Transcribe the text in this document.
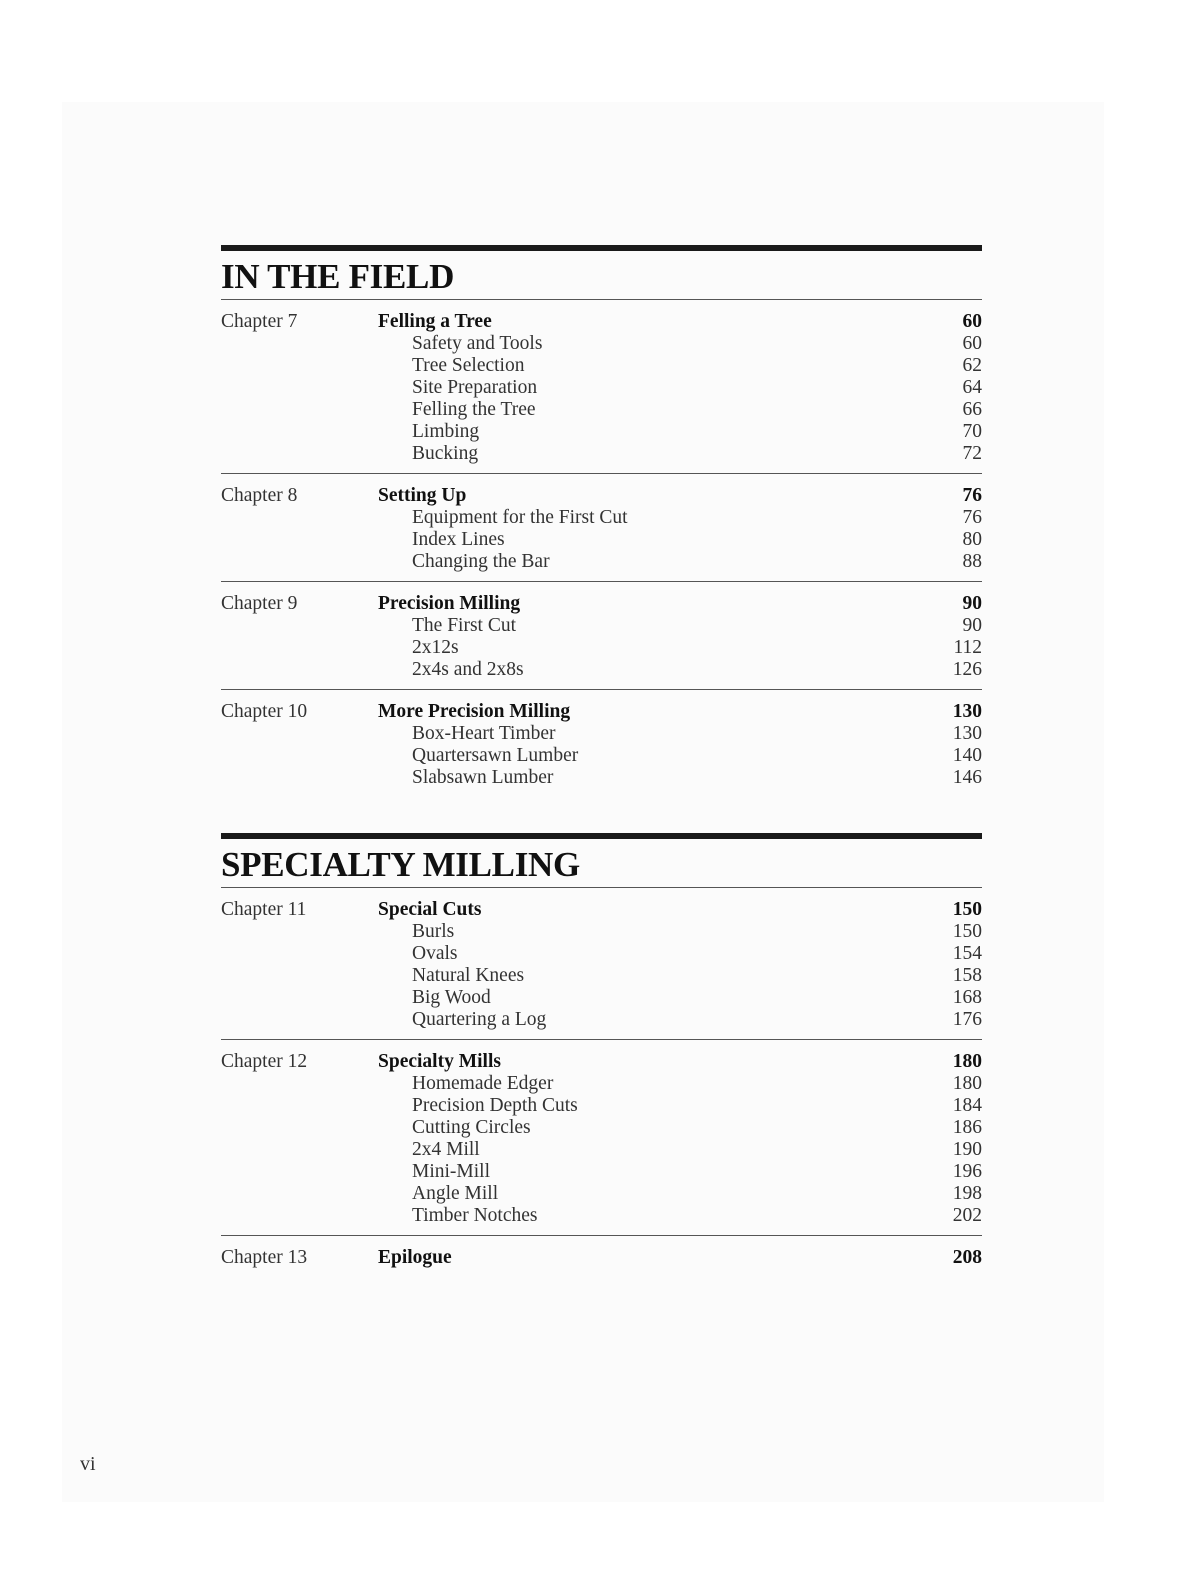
IN THE FIELD
Chapter 7	Felling a Tree	60
Safety and Tools	60
Tree Selection	62
Site Preparation	64
Felling the Tree	66
Limbing	70
Bucking	72
Chapter 8	Setting Up	76
Equipment for the First Cut	76
Index Lines	80
Changing the Bar	88
Chapter 9	Precision Milling	90
The First Cut	90
2x12s	112
2x4s and 2x8s	126
Chapter 10	More Precision Milling	130
Box-Heart Timber	130
Quartersawn Lumber	140
Slabsawn Lumber	146
SPECIALTY MILLING
Chapter 11	Special Cuts	150
Burls	150
Ovals	154
Natural Knees	158
Big Wood	168
Quartering a Log	176
Chapter 12	Specialty Mills	180
Homemade Edger	180
Precision Depth Cuts	184
Cutting Circles	186
2x4 Mill	190
Mini-Mill	196
Angle Mill	198
Timber Notches	202
Chapter 13	Epilogue	208
vi
